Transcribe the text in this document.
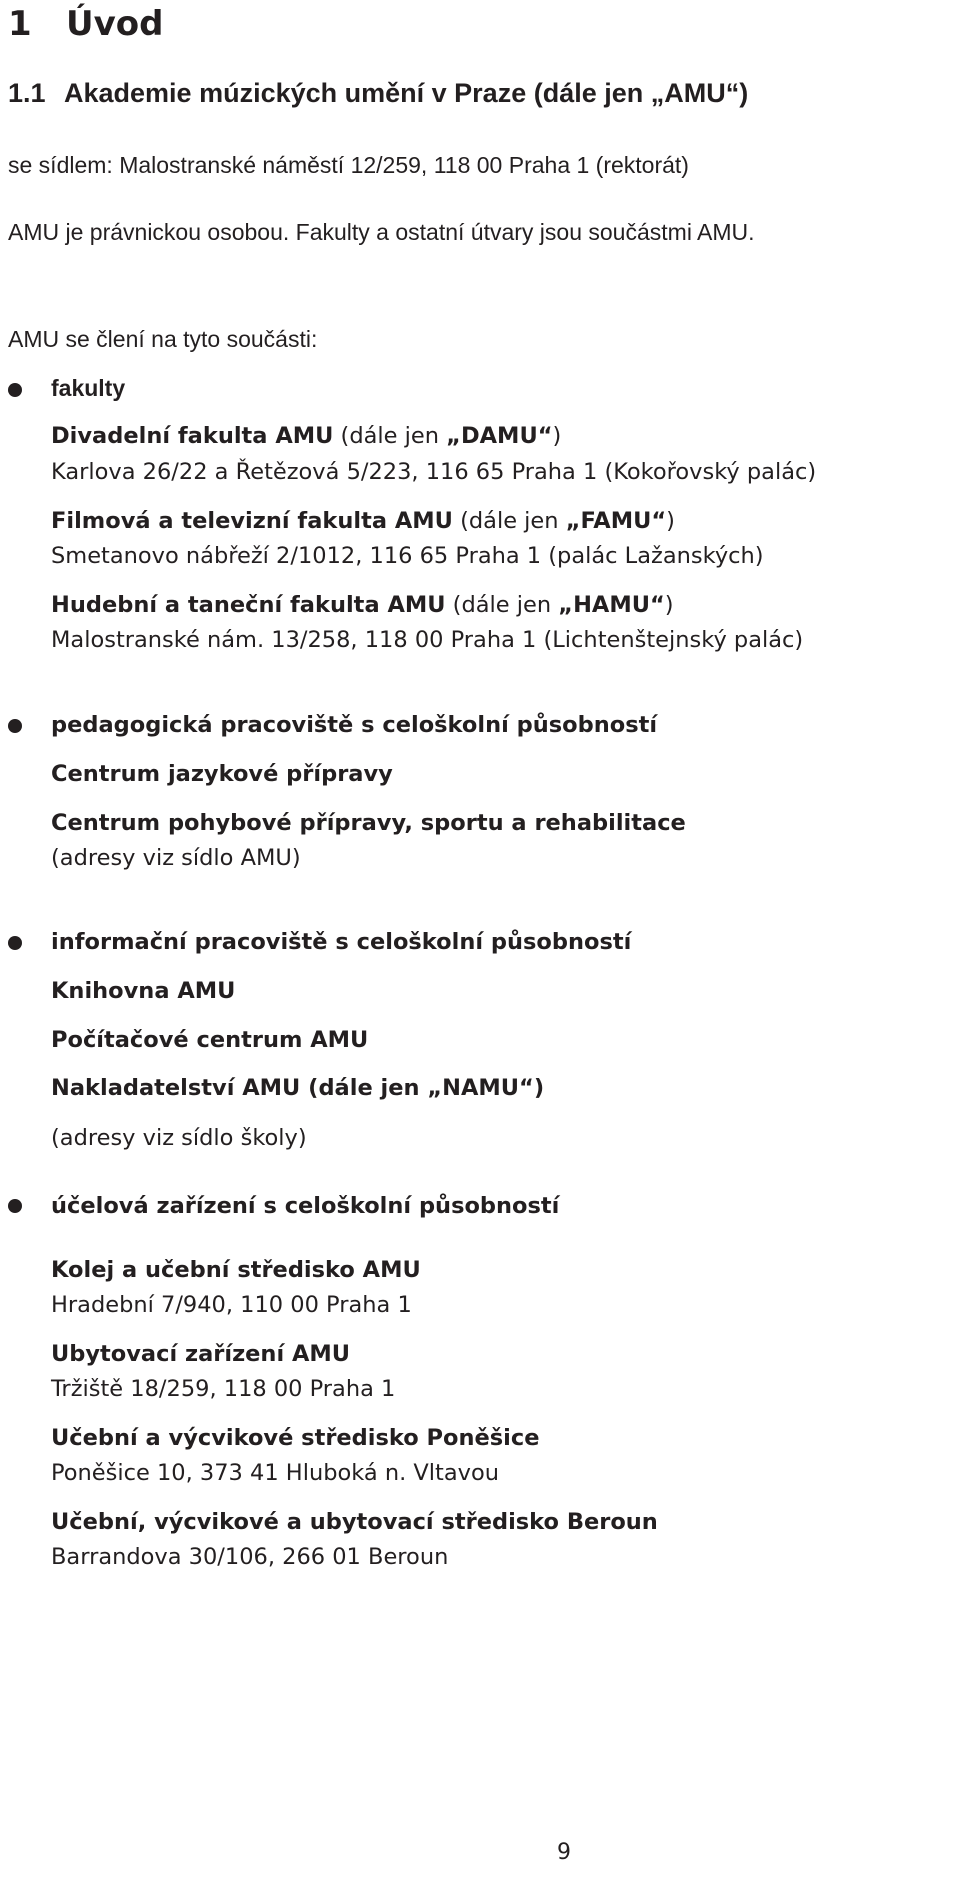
1 Úvod
1.1 Akademie múzických umění v Praze (dále jen „AMU“)
se sídlem: Malostranské náměstí 12/259, 118 00 Praha 1 (rektorát)
AMU je právnickou osobou. Fakulty a ostatní útvary jsou součástmi AMU.
AMU se člení na tyto součásti:
fakulty
Divadelní fakulta AMU (dále jen „DAMU“)
Karlova 26/22 a Řetězová 5/223, 116 65 Praha 1 (Kokořovský palác)
Filmová a televizní fakulta AMU (dále jen „FAMU“)
Smetanovo nábřeží 2/1012, 116 65 Praha 1 (palác Lažanských)
Hudební a taneční fakulta AMU (dále jen „HAMU“)
Malostranské nám. 13/258, 118 00 Praha 1 (Lichtenštejnský palác)
pedagogická pracoviště s celoškolní působností
Centrum jazykové přípravy
Centrum pohybové přípravy, sportu a rehabilitace
(adresy viz sídlo AMU)
informační pracoviště s celoškolní působností
Knihovna AMU
Počítačové centrum AMU
Nakladatelství AMU (dále jen „NAMU“)
(adresy viz sídlo školy)
účelová zařízení s celoškolní působností
Kolej a učební středisko AMU
Hradební 7/940, 110 00 Praha 1
Ubytovací zařízení AMU
Tržiště 18/259, 118 00 Praha 1
Učební a výcvikové středisko Poněšice
Poněšice 10, 373 41 Hluboká n. Vltavou
Učební, výcvikové a ubytovací středisko Beroun
Barrandova 30/106, 266 01 Beroun
9
